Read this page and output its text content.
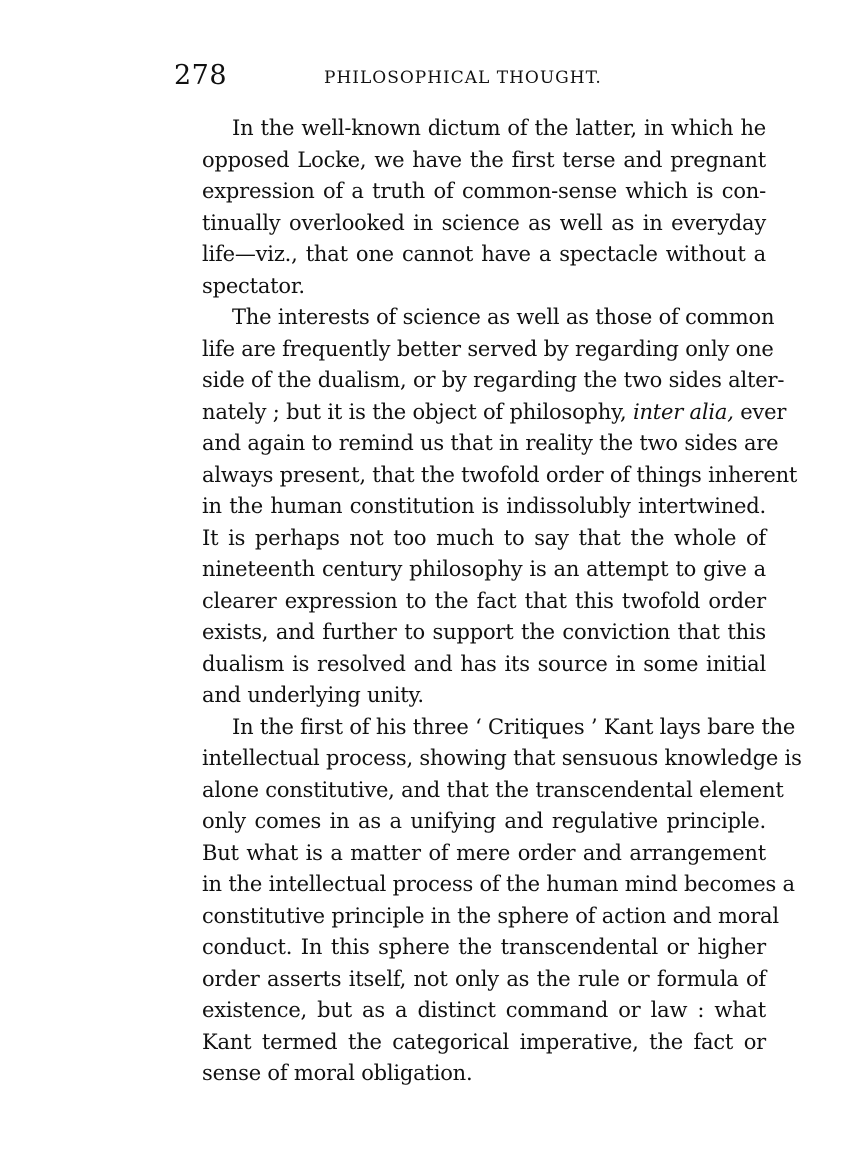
278	PHILOSOPHICAL THOUGHT.

In the well-known dictum of the latter, in which he
opposed Locke, we have the first terse and pregnant
expression of a truth of common-sense which is con-
tinually overlooked in science as well as in everyday
life—viz., that one cannot have a spectacle without a
spectator.

The interests of science as well as those of common
life are frequently better served by regarding only one
side of the dualism, or by regarding the two sides alter-
nately ; but it is the object of philosophy, inter alia, ever
and again to remind us that in reality the two sides are
always present, that the twofold order of things inherent
in the human constitution is indissolubly intertwined.
It is perhaps not too much to say that the whole of
nineteenth century philosophy is an attempt to give a
clearer expression to the fact that this twofold order
exists, and further to support the conviction that this
dualism is resolved and has its source in some initial
and underlying unity.

In the first of his three ‘ Critiques ’ Kant lays bare the
intellectual process, showing that sensuous knowledge is
alone constitutive, and that the transcendental element
only comes in as a unifying and regulative principle.
But what is a matter of mere order and arrangement
in the intellectual process of the human mind becomes a
constitutive principle in the sphere of action and moral
conduct. In this sphere the transcendental or higher
order asserts itself, not only as the rule or formula of
existence, but as a distinct command or law : what
Kant termed the categorical imperative, the fact or
sense of moral obligation.
